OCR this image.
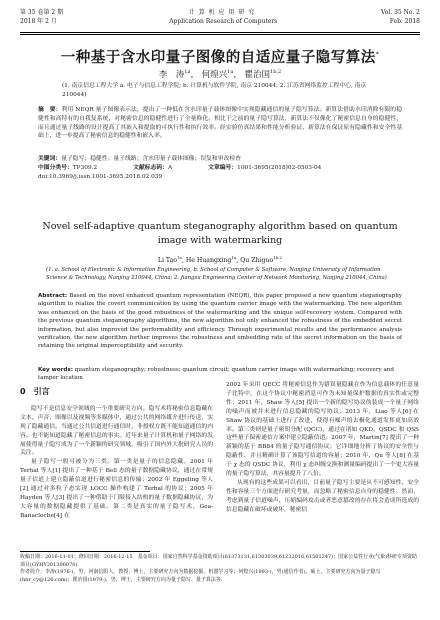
第 35 卷第 2 期	计 算 机 应 用 研 究	Vol. 35 No. 2
2018 年 2 月	Application Research of Computers	Feb. 2018
一种基于含水印量子图像的自适应量子隐写算法*
李　涛$^{1a}$， 何煌兴$^{1a}$， 瞿治国$^{1b,2}$
(1. 南京信息工程大学 a. 电子与信息工程学院; b. 计算机与软件学院, 南京 210044; 2. 江苏省网络监控工程中心, 南京 210044)
摘　要：利用 NEQR 量子图像表示法，提出了一种低在含水印量子载体图像中实现隐藏通信的量子隐写算法。新算法借助水印消除有限的稳健性和高特有的自我复系统，对秘密信息的稳健性进行了全量修化。相比于之前的量子隐写算法，新算法不仅像化了秘密信息自身的稳健性，而且通过量子线路的设计提高了其嵌入和提取的可执行性和执行效率。经实验仿真结果和性能分析验证，新算法在保证原有隐藏性和安全性基础上，进一步提高了秘密信息的稳健性和嵌入率。
关键词：量子隐写；稳健性；量子线路；含水印量子载体图像；误复和审改检查
中图分类号：TP309.2	文献标志码：A	文章编号：1001-3695(2018)02-0503-04
doi:10.3969/j.issn.1001-3695.2018.02.039
Novel self-adaptive quantum steganography algorithm based on quantum image with watermarking
Li Tao$^{1a}$, He Huangxing$^{1a}$, Qu Zhiguo$^{1b,2}$
(1. a. School of Electronic & Information Engineering, b. School of Computer & Software, Nanjing University of Information Science & Technology, Nanjing 210044, China; 2. Jiangsu Engineering Center of Network Monitoring, Nanjing 210044, China)
Abstract: Based on the novel enhanced quantum representation (NEQR), this paper proposed a new quantum steganography algorithm to realize the covert communication by using the quantum carrier image with the watermarking. The new algorithm was enhanced on the basis of the good robustness of the watermarking and the unique self-recovery system. Compared with the previous quantum steganography algorithms, the new algorithm not only enhanced the robustness of the embedded secret information, but also improved the performability and efficiency. Through experimental results and the performance analysis verification, the new algorithm further improves the robustness and embedding rate of the secret information on the basis of retaining the original imperceptibility and security.
Key words: quantum steganography; robustness; quantum circuit; quantum carrier image with watermarking; recovery and tamper location
0　 引言

隐写不是信息安全领域的一个重要研究方向。隐写术将秘密信息隐藏在文本、声音、图像以及视频等多媒体中，通过公共的网络媒介进行传送，实现了隐藏通信。当通过公共信道进行通信时，非授权方既不能知道通信的内容，也不能知道隐藏了秘密信息的事实。近年来量子计算机和量子网络的发展使得量子隐写成为了一个新颖的研究领域，吸引了国内外大批研究人员的关注。

量子隐写一般可被分为三类。第一类是量子的信息隐藏。2001 年 Terhal 等人[1] 提出了一种基于 Bell 态的量子数据隐藏协议，通过在常规量子信道上建立隐蔽信道进行秘密信息的传输；2002 年 Eggeling 等人[2] 通过对多粒子态实现 LOCC 操作构建了 Terhal 的协议；2005 年 Hayden 等人[3] 提出了一种借助于门限接入结构的量子数据隐藏协议，为大容量的数据隐藏提供了基础。第二类是真实的量子隐写术，Gea-Banacloche[4] 在

2002 年采用 QECC 将秘密信息作为错误量隐藏在作为信息载体的任意量子比特中，在这个协议中秘密消息可作为未知量保护数据的真实性或完整性；2011 年，Shaw 等人[5] 提出一个新的隐写协议伪装成一个量子网络的噪声而被并未进行信息隐藏的隐写协议；2013 年，Liao 等人[6] 在 Shaw 协议的基础上进行了改进，使得有噪声的去极化通道发挥更加高效率。第三类则是量子密钥分配 (QCC)，通过在诸如 QKD、QSDC 和 QSS 这些量子保密通信方案中建立隐蔽信道。2007 年，Martin[7] 提出了一种新颖的基于 BB84 的量子隐写通信协议；它详细地分析了协议的安全性与隐蔽性，并且精确计算了该隐写信道的容量；2010 年，Qu 等人[8] 在基于 χ 态的 QSDC 协议，利用 χ 态纠缠交换和测量编码提出了一个更大容量的量子隐写算法，其容量提升了八倍。

从现有的这些成果可以看出，目前量子隐写主要是从不可感知性、安全性和容量三个方面进行研究考量，而忽略了秘密信息自身的稳健性。然而，考虑到量子信道噪声、压缩编码攻击或者恶意篡改的存在将会造成所选成的信息隐藏在破坏或破坏，秘密信

收稿日期：2016-11-01；修回日期：2016-12-15　基金项目：国家自然科学基金资助项目(61373131,61303039,61232016,61501247)；国家公益性行业(气象)科研专项资助项目(GYHY201306070)
作者简介：李涛(1976-)，男，河南信阳人，教授，博士，主要研究方向为数据挖掘、机器学习等；何煌兴(1993-)，男(通信作者)，硕士，主要研究方向为量子隐写 (hnr_cy@126.com)；瞿治国(1979-)，男，博士，主要研究方向为量子隐写、量子算法等.
